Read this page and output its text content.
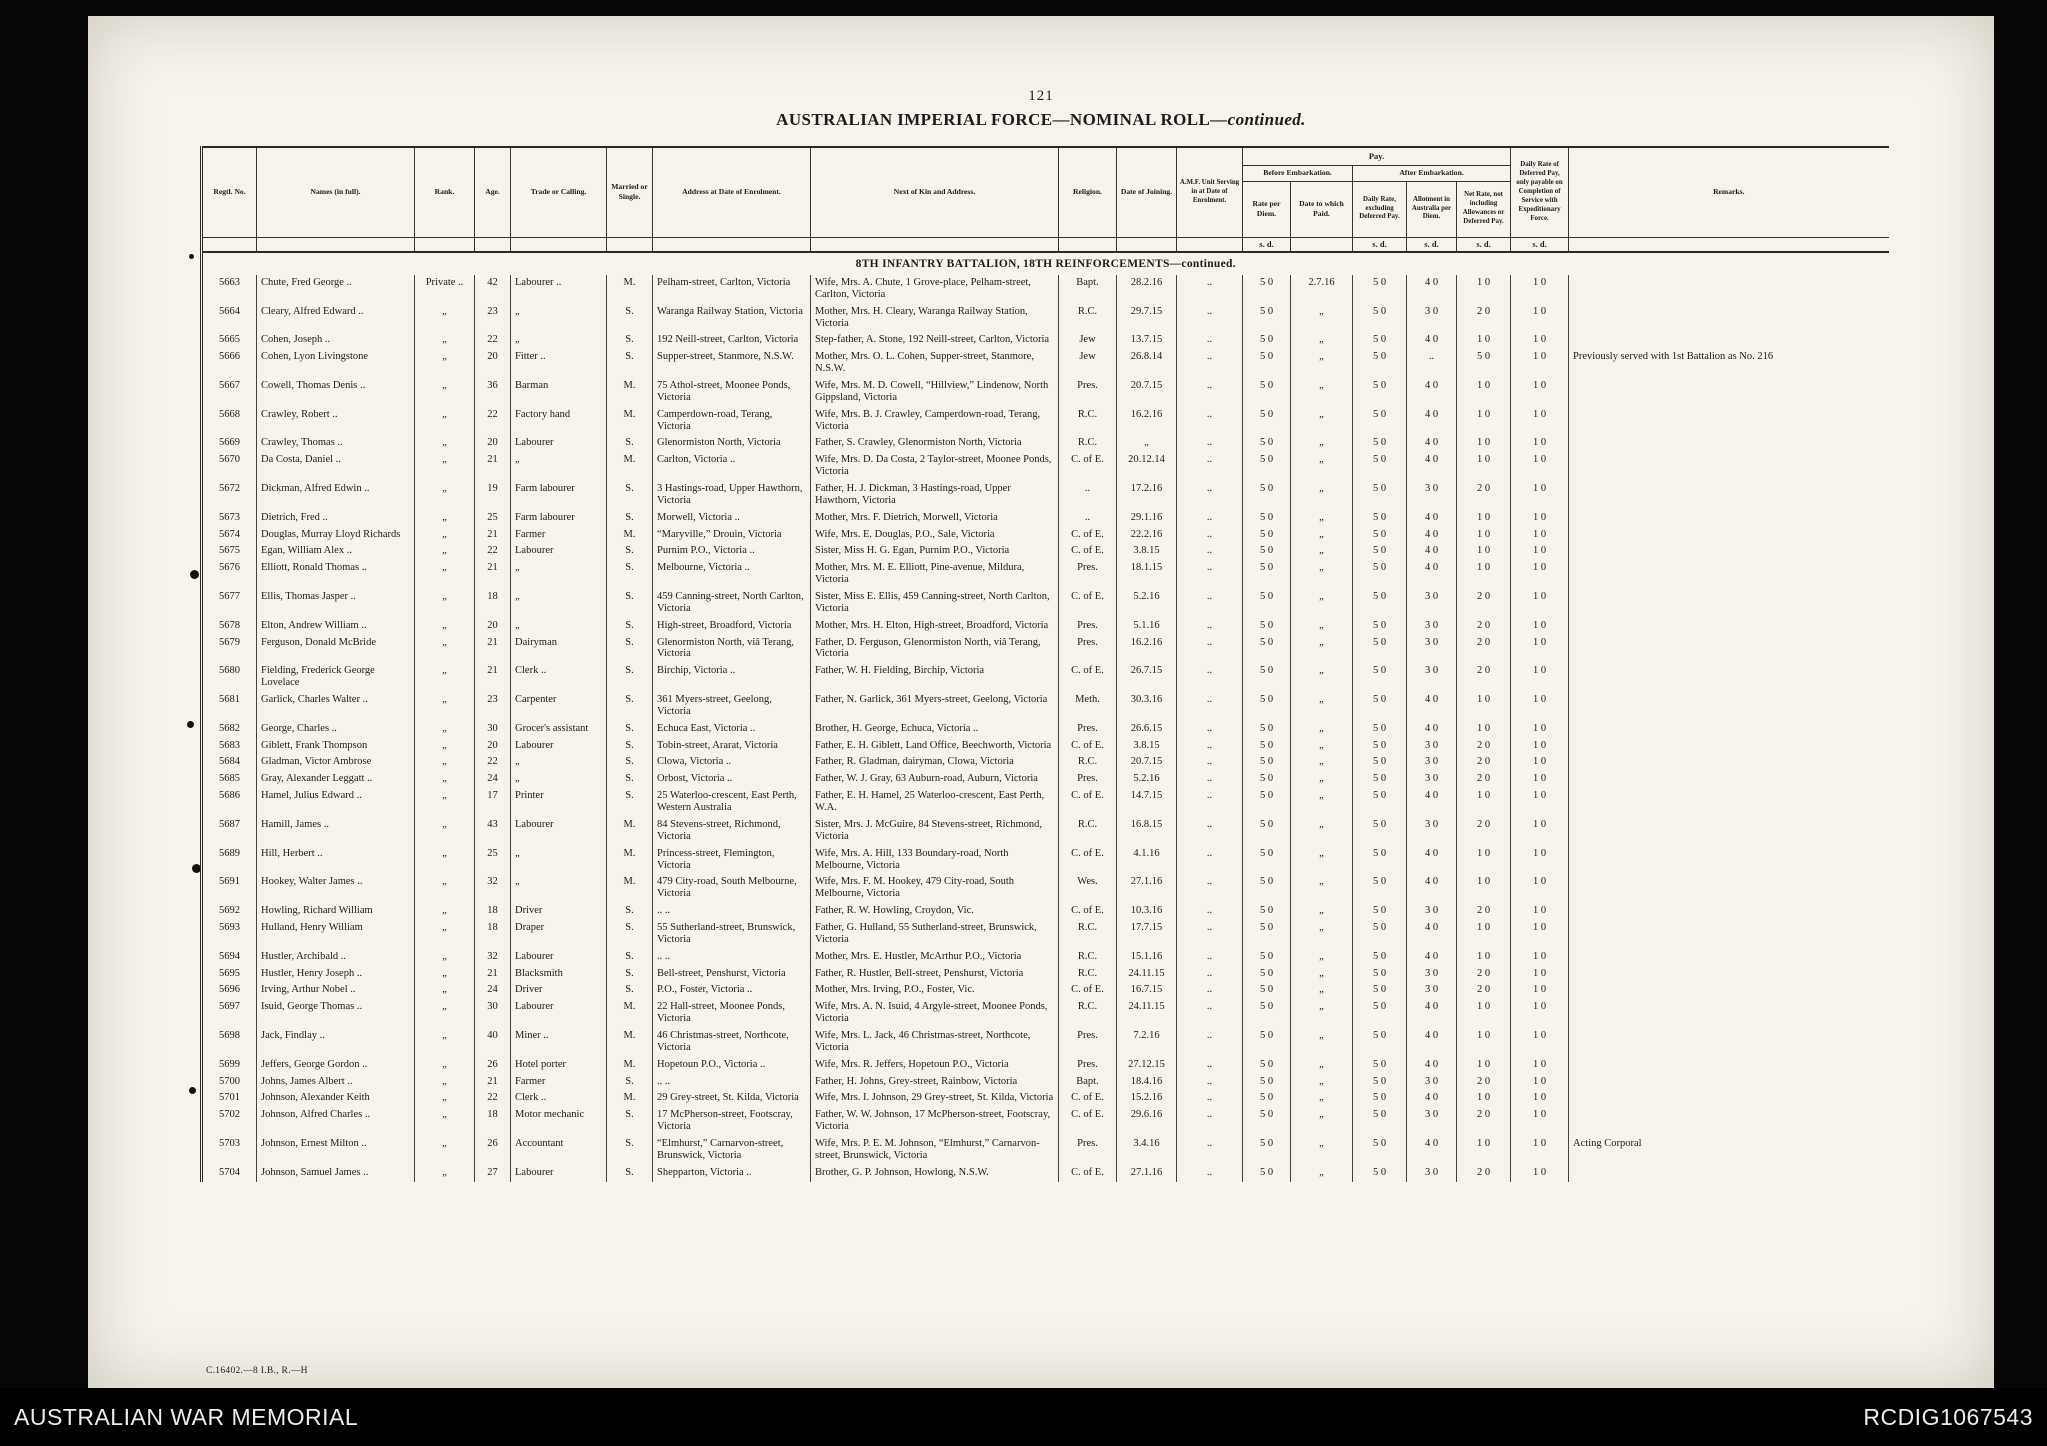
121
AUSTRALIAN IMPERIAL FORCE—NOMINAL ROLL—continued.
Regtl. No.	Names (in full).	Rank.	Age.	Trade or Calling.	Married or Single.	Address at Date of Enrolment.	Next of Kin and Address.	Religion.	Date of Joining.	A.M.F. Unit Serving in at Date of Enrolment.	Pay.					Daily Rate of Deferred Pay, only payable on Completion of Service with Expeditionary Force.	Remarks.
											Before Embarkation.		After Embarkation.				
											Rate per Diem.	Date to which Paid.	Daily Rate, excluding Deferred Pay.	Allotment in Australia per Diem.	Net Rate, not including Allowances or Deferred Pay.		
											s. d.		s. d.	s. d.	s. d.	s. d.	
8TH INFANTRY BATTALION, 18TH REINFORCEMENTS—continued.																	
5663	Chute, Fred George ..	Private ..	42	Labourer ..	M.	Pelham-street, Carlton, Victoria	Wife, Mrs. A. Chute, 1 Grove-place, Pelham-street, Carlton, Victoria	Bapt.	28.2.16	..	5 0	2.7.16	5 0	4 0	1 0	1 0	
5664	Cleary, Alfred Edward ..	„	23	„	S.	Waranga Railway Station, Victoria	Mother, Mrs. H. Cleary, Waranga Railway Station, Victoria	R.C.	29.7.15	..	5 0	„	5 0	3 0	2 0	1 0	
5665	Cohen, Joseph ..	„	22	„	S.	192 Neill-street, Carlton, Victoria	Step-father, A. Stone, 192 Neill-street, Carlton, Victoria	Jew	13.7.15	..	5 0	„	5 0	4 0	1 0	1 0	
5666	Cohen, Lyon Livingstone	„	20	Fitter ..	S.	Supper-street, Stanmore, N.S.W.	Mother, Mrs. O. L. Cohen, Supper-street, Stanmore, N.S.W.	Jew	26.8.14	..	5 0	„	5 0	..	5 0	1 0	Previously served with 1st Battalion as No. 216
5667	Cowell, Thomas Denis ..	„	36	Barman	M.	75 Athol-street, Moonee Ponds, Victoria	Wife, Mrs. M. D. Cowell, “Hillview,” Lindenow, North Gippsland, Victoria	Pres.	20.7.15	..	5 0	„	5 0	4 0	1 0	1 0	
5668	Crawley, Robert ..	„	22	Factory hand	M.	Camperdown-road, Terang, Victoria	Wife, Mrs. B. J. Crawley, Camperdown-road, Terang, Victoria	R.C.	16.2.16	..	5 0	„	5 0	4 0	1 0	1 0	
5669	Crawley, Thomas ..	„	20	Labourer	S.	Glenormiston North, Victoria	Father, S. Crawley, Glenormiston North, Victoria	R.C.	„	..	5 0	„	5 0	4 0	1 0	1 0	
5670	Da Costa, Daniel ..	„	21	„	M.	Carlton, Victoria ..	Wife, Mrs. D. Da Costa, 2 Taylor-street, Moonee Ponds, Victoria	C. of E.	20.12.14	..	5 0	„	5 0	4 0	1 0	1 0	
5672	Dickman, Alfred Edwin ..	„	19	Farm labourer	S.	3 Hastings-road, Upper Hawthorn, Victoria	Father, H. J. Dickman, 3 Hastings-road, Upper Hawthorn, Victoria	..	17.2.16	..	5 0	„	5 0	3 0	2 0	1 0	
5673	Dietrich, Fred ..	„	25	Farm labourer	S.	Morwell, Victoria ..	Mother, Mrs. F. Dietrich, Morwell, Victoria	..	29.1.16	..	5 0	„	5 0	4 0	1 0	1 0	
5674	Douglas, Murray Lloyd Richards	„	21	Farmer	M.	“Maryville,” Drouin, Victoria	Wife, Mrs. E. Douglas, P.O., Sale, Victoria	C. of E.	22.2.16	..	5 0	„	5 0	4 0	1 0	1 0	
5675	Egan, William Alex ..	„	22	Labourer	S.	Purnim P.O., Victoria ..	Sister, Miss H. G. Egan, Purnim P.O., Victoria	C. of E.	3.8.15	..	5 0	„	5 0	4 0	1 0	1 0	
5676	Elliott, Ronald Thomas ..	„	21	„	S.	Melbourne, Victoria ..	Mother, Mrs. M. E. Elliott, Pine-avenue, Mildura, Victoria	Pres.	18.1.15	..	5 0	„	5 0	4 0	1 0	1 0	
5677	Ellis, Thomas Jasper ..	„	18	„	S.	459 Canning-street, North Carlton, Victoria	Sister, Miss E. Ellis, 459 Canning-street, North Carlton, Victoria	C. of E.	5.2.16	..	5 0	„	5 0	3 0	2 0	1 0	
5678	Elton, Andrew William ..	„	20	„	S.	High-street, Broadford, Victoria	Mother, Mrs. H. Elton, High-street, Broadford, Victoria	Pres.	5.1.16	..	5 0	„	5 0	3 0	2 0	1 0	
5679	Ferguson, Donald McBride	„	21	Dairyman	S.	Glenormiston North, viâ Terang, Victoria	Father, D. Ferguson, Glenormiston North, viâ Terang, Victoria	Pres.	16.2.16	..	5 0	„	5 0	3 0	2 0	1 0	
5680	Fielding, Frederick George Lovelace	„	21	Clerk ..	S.	Birchip, Victoria ..	Father, W. H. Fielding, Birchip, Victoria	C. of E.	26.7.15	..	5 0	„	5 0	3 0	2 0	1 0	
5681	Garlick, Charles Walter ..	„	23	Carpenter	S.	361 Myers-street, Geelong, Victoria	Father, N. Garlick, 361 Myers-street, Geelong, Victoria	Meth.	30.3.16	..	5 0	„	5 0	4 0	1 0	1 0	
5682	George, Charles ..	„	30	Grocer's assistant	S.	Echuca East, Victoria ..	Brother, H. George, Echuca, Victoria ..	Pres.	26.6.15	..	5 0	„	5 0	4 0	1 0	1 0	
5683	Giblett, Frank Thompson	„	20	Labourer	S.	Tobin-street, Ararat, Victoria	Father, E. H. Giblett, Land Office, Beechworth, Victoria	C. of E.	3.8.15	..	5 0	„	5 0	3 0	2 0	1 0	
5684	Gladman, Victor Ambrose	„	22	„	S.	Clowa, Victoria ..	Father, R. Gladman, dairyman, Clowa, Victoria	R.C.	20.7.15	..	5 0	„	5 0	3 0	2 0	1 0	
5685	Gray, Alexander Leggatt ..	„	24	„	S.	Orbost, Victoria ..	Father, W. J. Gray, 63 Auburn-road, Auburn, Victoria	Pres.	5.2.16	..	5 0	„	5 0	3 0	2 0	1 0	
5686	Hamel, Julius Edward ..	„	17	Printer	S.	25 Waterloo-crescent, East Perth, Western Australia	Father, E. H. Hamel, 25 Waterloo-crescent, East Perth, W.A.	C. of E.	14.7.15	..	5 0	„	5 0	4 0	1 0	1 0	
5687	Hamill, James ..	„	43	Labourer	M.	84 Stevens-street, Richmond, Victoria	Sister, Mrs. J. McGuire, 84 Stevens-street, Richmond, Victoria	R.C.	16.8.15	..	5 0	„	5 0	3 0	2 0	1 0	
5689	Hill, Herbert ..	„	25	„	M.	Princess-street, Flemington, Victoria	Wife, Mrs. A. Hill, 133 Boundary-road, North Melbourne, Victoria	C. of E.	4.1.16	..	5 0	„	5 0	4 0	1 0	1 0	
5691	Hookey, Walter James ..	„	32	„	M.	479 City-road, South Melbourne, Victoria	Wife, Mrs. F. M. Hookey, 479 City-road, South Melbourne, Victoria	Wes.	27.1.16	..	5 0	„	5 0	4 0	1 0	1 0	
5692	Howling, Richard William	„	18	Driver	S.	.. ..	Father, R. W. Howling, Croydon, Vic.	C. of E.	10.3.16	..	5 0	„	5 0	3 0	2 0	1 0	
5693	Hulland, Henry William	„	18	Draper	S.	55 Sutherland-street, Brunswick, Victoria	Father, G. Hulland, 55 Sutherland-street, Brunswick, Victoria	R.C.	17.7.15	..	5 0	„	5 0	4 0	1 0	1 0	
5694	Hustler, Archibald ..	„	32	Labourer	S.	.. ..	Mother, Mrs. E. Hustler, McArthur P.O., Victoria	R.C.	15.1.16	..	5 0	„	5 0	4 0	1 0	1 0	
5695	Hustler, Henry Joseph ..	„	21	Blacksmith	S.	Bell-street, Penshurst, Victoria	Father, R. Hustler, Bell-street, Penshurst, Victoria	R.C.	24.11.15	..	5 0	„	5 0	3 0	2 0	1 0	
5696	Irving, Arthur Nobel ..	„	24	Driver	S.	P.O., Foster, Victoria ..	Mother, Mrs. Irving, P.O., Foster, Vic.	C. of E.	16.7.15	..	5 0	„	5 0	3 0	2 0	1 0	
5697	Isuid, George Thomas ..	„	30	Labourer	M.	22 Hall-street, Moonee Ponds, Victoria	Wife, Mrs. A. N. Isuid, 4 Argyle-street, Moonee Ponds, Victoria	R.C.	24.11.15	..	5 0	„	5 0	4 0	1 0	1 0	
5698	Jack, Findlay ..	„	40	Miner ..	M.	46 Christmas-street, Northcote, Victoria	Wife, Mrs. L. Jack, 46 Christmas-street, Northcote, Victoria	Pres.	7.2.16	..	5 0	„	5 0	4 0	1 0	1 0	
5699	Jeffers, George Gordon ..	„	26	Hotel porter	M.	Hopetoun P.O., Victoria ..	Wife, Mrs. R. Jeffers, Hopetoun P.O., Victoria	Pres.	27.12.15	..	5 0	„	5 0	4 0	1 0	1 0	
5700	Johns, James Albert ..	„	21	Farmer	S.	.. ..	Father, H. Johns, Grey-street, Rainbow, Victoria	Bapt.	18.4.16	..	5 0	„	5 0	3 0	2 0	1 0	
5701	Johnson, Alexander Keith	„	22	Clerk ..	M.	29 Grey-street, St. Kilda, Victoria	Wife, Mrs. I. Johnson, 29 Grey-street, St. Kilda, Victoria	C. of E.	15.2.16	..	5 0	„	5 0	4 0	1 0	1 0	
5702	Johnson, Alfred Charles ..	„	18	Motor mechanic	S.	17 McPherson-street, Footscray, Victoria	Father, W. W. Johnson, 17 McPherson-street, Footscray, Victoria	C. of E.	29.6.16	..	5 0	„	5 0	3 0	2 0	1 0	
5703	Johnson, Ernest Milton ..	„	26	Accountant	S.	“Elmhurst,” Carnarvon-street, Brunswick, Victoria	Wife, Mrs. P. E. M. Johnson, “Elmhurst,” Carnarvon-street, Brunswick, Victoria	Pres.	3.4.16	..	5 0	„	5 0	4 0	1 0	1 0	Acting Corporal
5704	Johnson, Samuel James ..	„	27	Labourer	S.	Shepparton, Victoria ..	Brother, G. P. Johnson, Howlong, N.S.W.	C. of E.	27.1.16	..	5 0	„	5 0	3 0	2 0	1 0	
C.16402.—8 I.B., R.—H
AUSTRALIAN WAR MEMORIAL	RCDIG1067543
